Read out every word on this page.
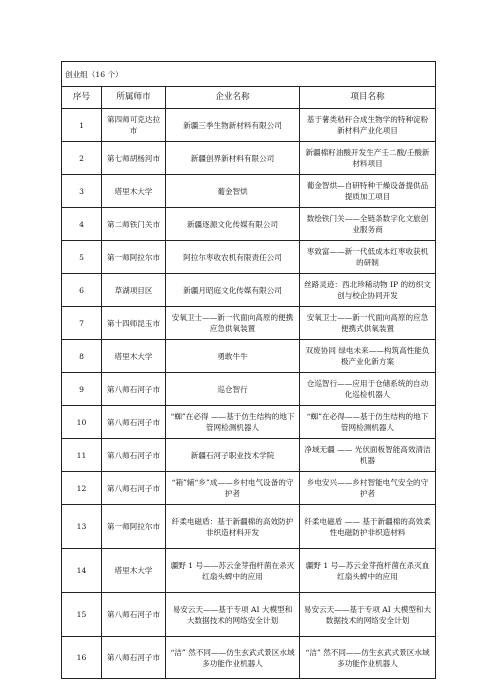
创业组（16 个）			
序号	所属师市	企业名称	项目名称
1	第四师可克达拉市	新疆三季生物新材料有限公司	基于薯类秸秆合成生物学的特种淀粉新材料产业化项目
2	第七师胡杨河市	新疆创界新材料有限公司	新疆棉籽油酸开发生产壬二酸/壬酸新材料项目
3	塔里木大学	葡金智烘	葡金智烘—自研特种干燥设备提供品提质加工项目
4	第二师铁门关市	新疆逐源文化传媒有限公司	数绘铁门关——全链条数字化文旅创业服务商
5	第一师阿拉尔市	阿拉尔枣收农机有限责任公司	枣致富——新一代低成本红枣收获机的研制
6	草湖项目区	新疆月昭庭文化传媒有限公司	丝路灵迹：西北珍稀动物 IP 的纺织文创与校企协同开发
7	第十四师昆玉市	安氧卫士——新一代面向高原的便携应急供氧装置	安氧卫士——新一代面向高原的应急便携式供氧装置
8	塔里木大学	勇敢牛牛	双废协同 绿电未来——构筑高性能负极产业化新方案
9	第八师石河子市	巡仓智行	仓巡智行——应用于仓储系统的自动化巡检机器人
10	第八师石河子市	“蜘”在必得 ——基于仿生结构的地下管网检测机器人	“蜘”在必得——基于仿生结构的地下管网检测机器人
11	第八师石河子市	新疆石河子职业技术学院	净域无疆 —— 光伏面板智能高效清洁机器
12	第八师石河子市	“箱”辅“乡”成——乡村电气设备的守护者	乡电安兴——乡村智能电气安全的守护者
13	第一师阿拉尔市	纤柔电磁盾：基于新疆棉的高效防护非织造材料开发	纤柔电磁盾 —— 基于新疆棉的高效柔性电磁防护非织造材料
14	塔里木大学	疆野 1 号——苏云金芽孢杆菌在杀灭红扇头蜱中的应用	疆野 1 号—苏云金芽孢杆菌在杀灭血红扇头蜱中的应用
15	第八师石河子市	易安云天——基于专项 AI 大模型和大数据技术的网络安全计划	易安云天——基于专项 AI 大模型和大数据技术的网络安全计划
16	第八师石河子市	“洁” 然不同——仿生玄武式景区水域多功能作业机器人	“洁” 然不同——仿生玄武式景区水域多功能作业机器人
